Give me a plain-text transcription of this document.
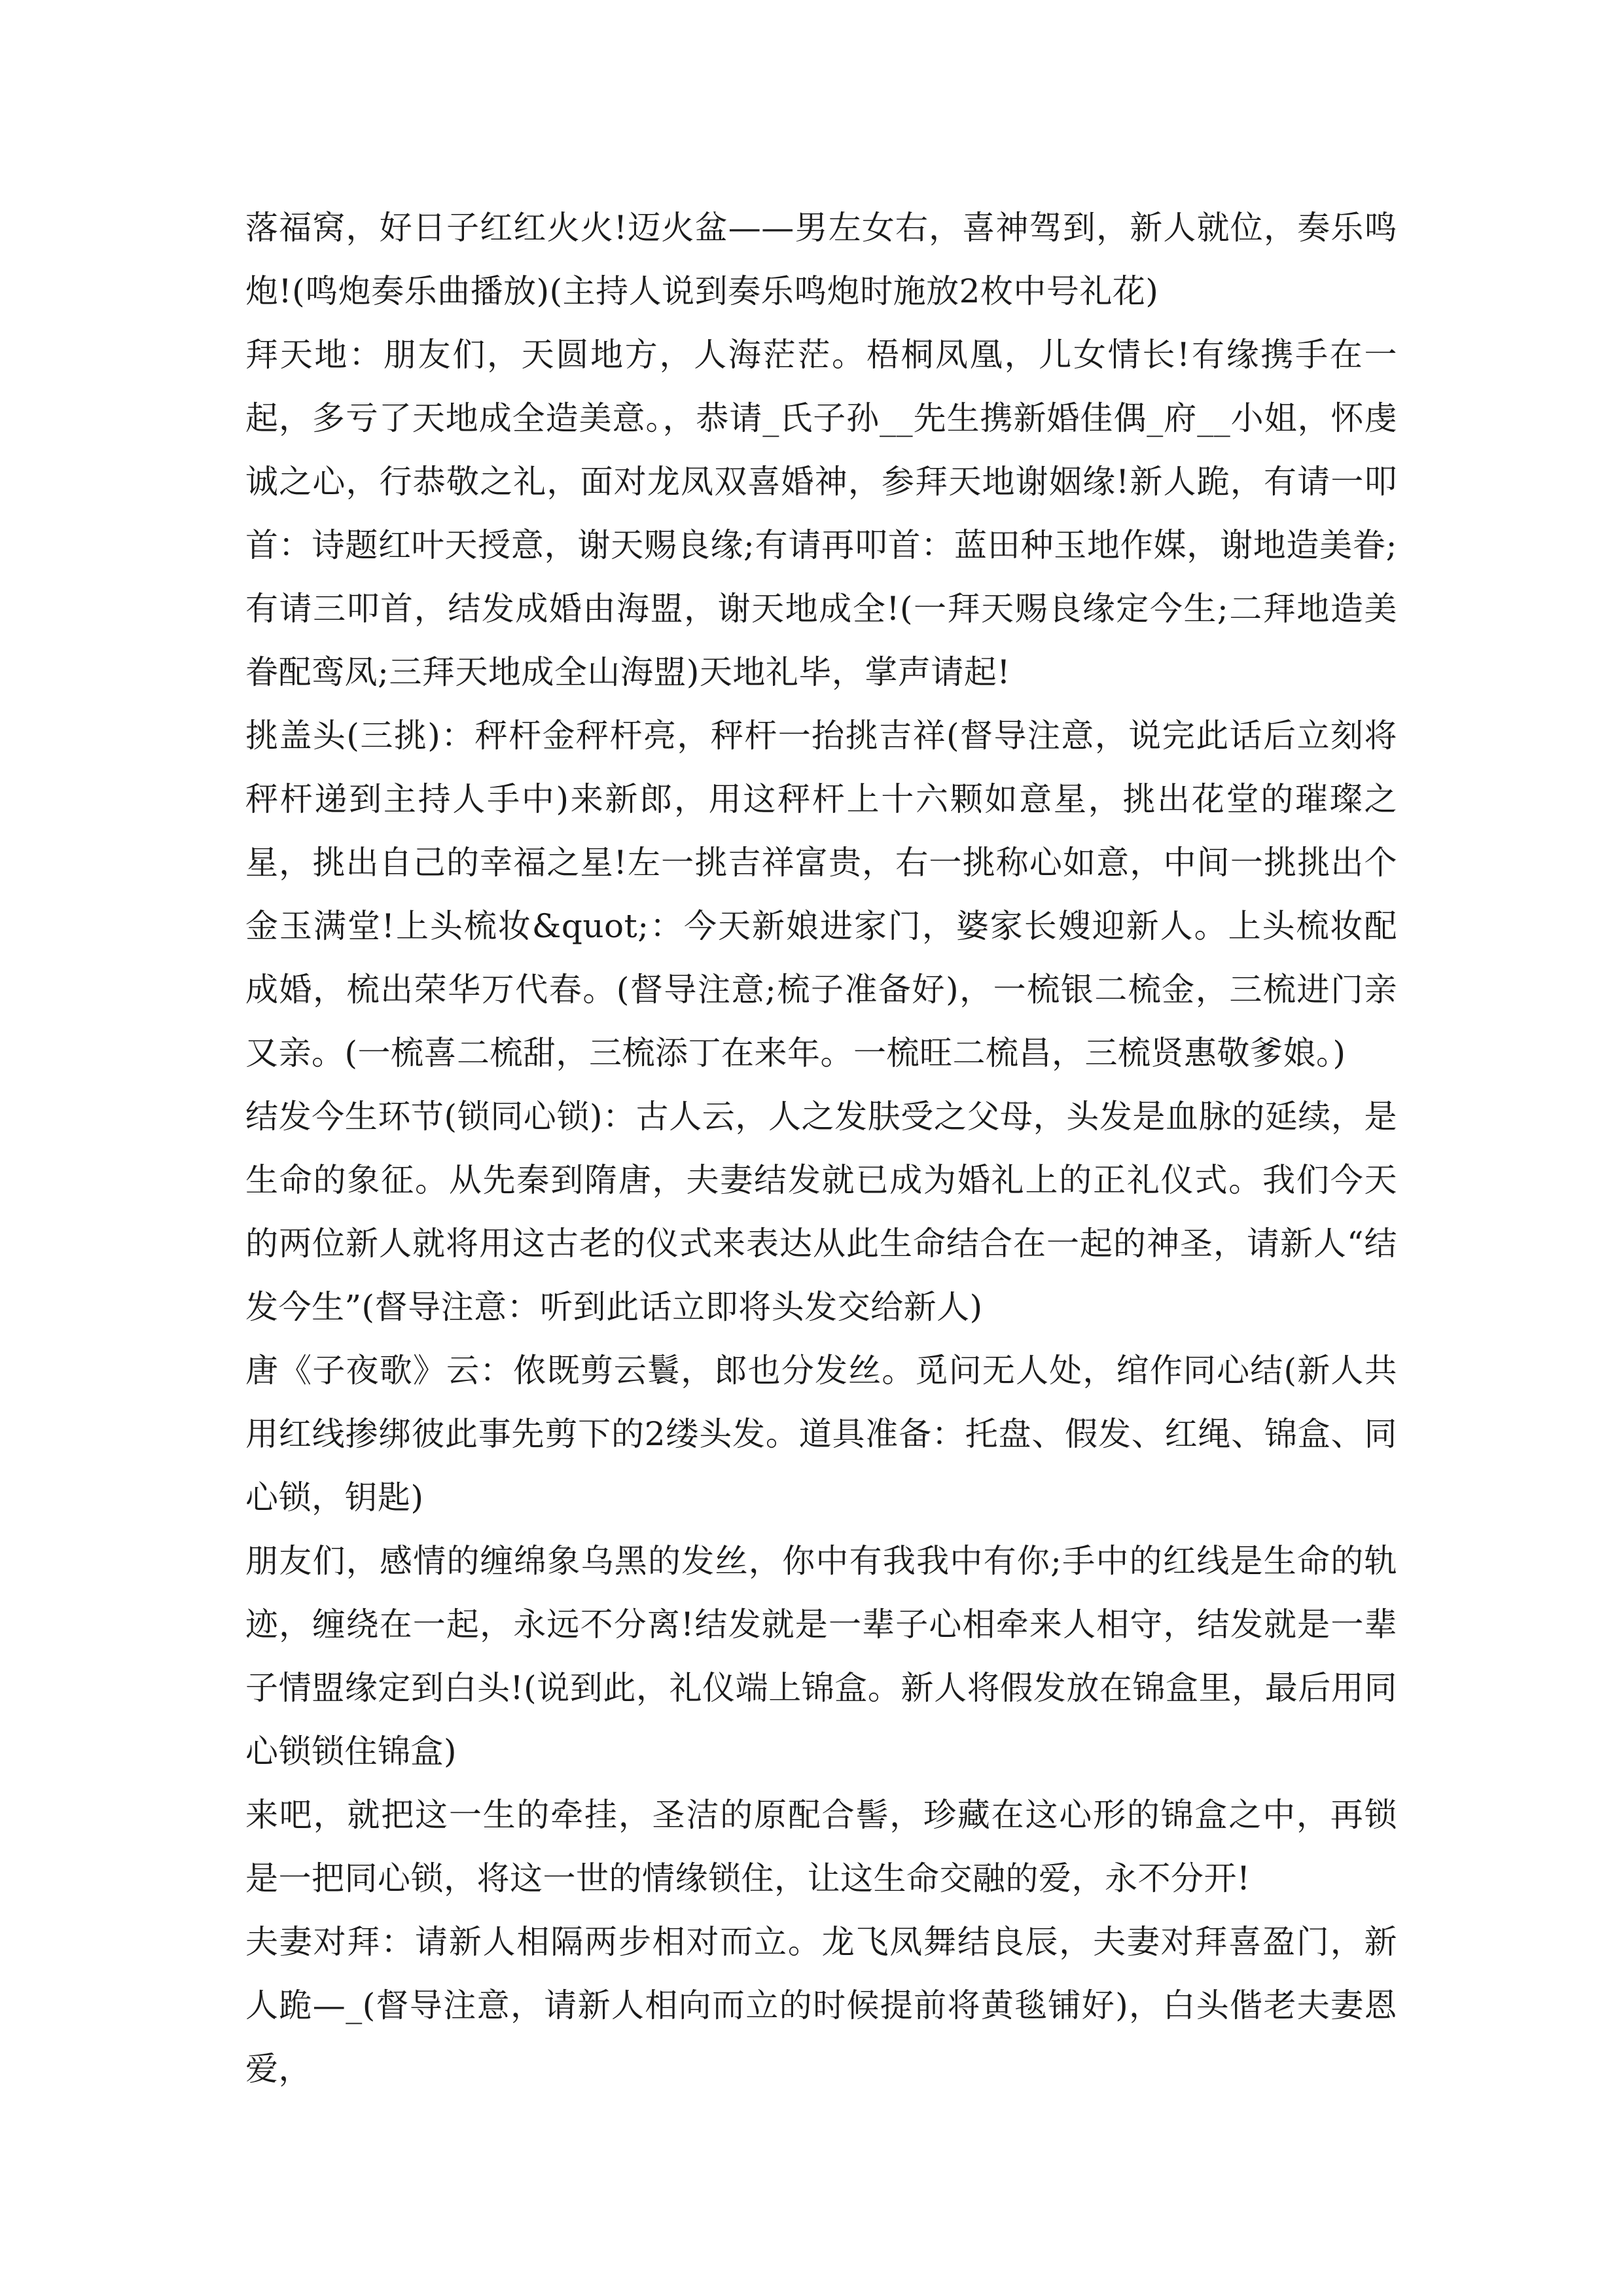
落福窝，好日子红红火火!迈火盆——男左女右，喜神驾到，新人就位，奏乐鸣炮!(鸣炮奏乐曲播放)(主持人说到奏乐鸣炮时施放2枚中号礼花)

拜天地：朋友们，天圆地方，人海茫茫。梧桐凤凰，儿女情长!有缘携手在一起，多亏了天地成全造美意。，恭请_氏子孙__先生携新婚佳偶_府__小姐，怀虔诚之心，行恭敬之礼，面对龙凤双喜婚神，参拜天地谢姻缘!新人跪，有请一叩首：诗题红叶天授意，谢天赐良缘;有请再叩首：蓝田种玉地作媒，谢地造美眷;有请三叩首，结发成婚由海盟，谢天地成全!(一拜天赐良缘定今生;二拜地造美眷配鸾凤;三拜天地成全山海盟)天地礼毕，掌声请起!

挑盖头(三挑)：秤杆金秤杆亮，秤杆一抬挑吉祥(督导注意，说完此话后立刻将秤杆递到主持人手中)来新郎，用这秤杆上十六颗如意星，挑出花堂的璀璨之星，挑出自己的幸福之星!左一挑吉祥富贵，右一挑称心如意，中间一挑挑出个金玉满堂!上头梳妆&quot;：今天新娘进家门，婆家长嫂迎新人。上头梳妆配成婚，梳出荣华万代春。(督导注意;梳子准备好)，一梳银二梳金，三梳进门亲又亲。(一梳喜二梳甜，三梳添丁在来年。一梳旺二梳昌，三梳贤惠敬爹娘。)

结发今生环节(锁同心锁)：古人云，人之发肤受之父母，头发是血脉的延续，是生命的象征。从先秦到隋唐，夫妻结发就已成为婚礼上的正礼仪式。我们今天的两位新人就将用这古老的仪式来表达从此生命结合在一起的神圣，请新人“结发今生”(督导注意：听到此话立即将头发交给新人)

唐《子夜歌》云：侬既剪云鬟，郎也分发丝。觅问无人处，绾作同心结(新人共用红线掺绑彼此事先剪下的2缕头发。道具准备：托盘、假发、红绳、锦盒、同心锁，钥匙)

朋友们，感情的缠绵象乌黑的发丝，你中有我我中有你;手中的红线是生命的轨迹，缠绕在一起，永远不分离!结发就是一辈子心相牵来人相守，结发就是一辈子情盟缘定到白头!(说到此，礼仪端上锦盒。新人将假发放在锦盒里，最后用同心锁锁住锦盒)

来吧，就把这一生的牵挂，圣洁的原配合髻，珍藏在这心形的锦盒之中，再锁是一把同心锁，将这一世的情缘锁住，让这生命交融的爱，永不分开!

夫妻对拜：请新人相隔两步相对而立。龙飞凤舞结良辰，夫妻对拜喜盈门，新人跪—_(督导注意，请新人相向而立的时候提前将黄毯铺好)，白头偕老夫妻恩爱，
